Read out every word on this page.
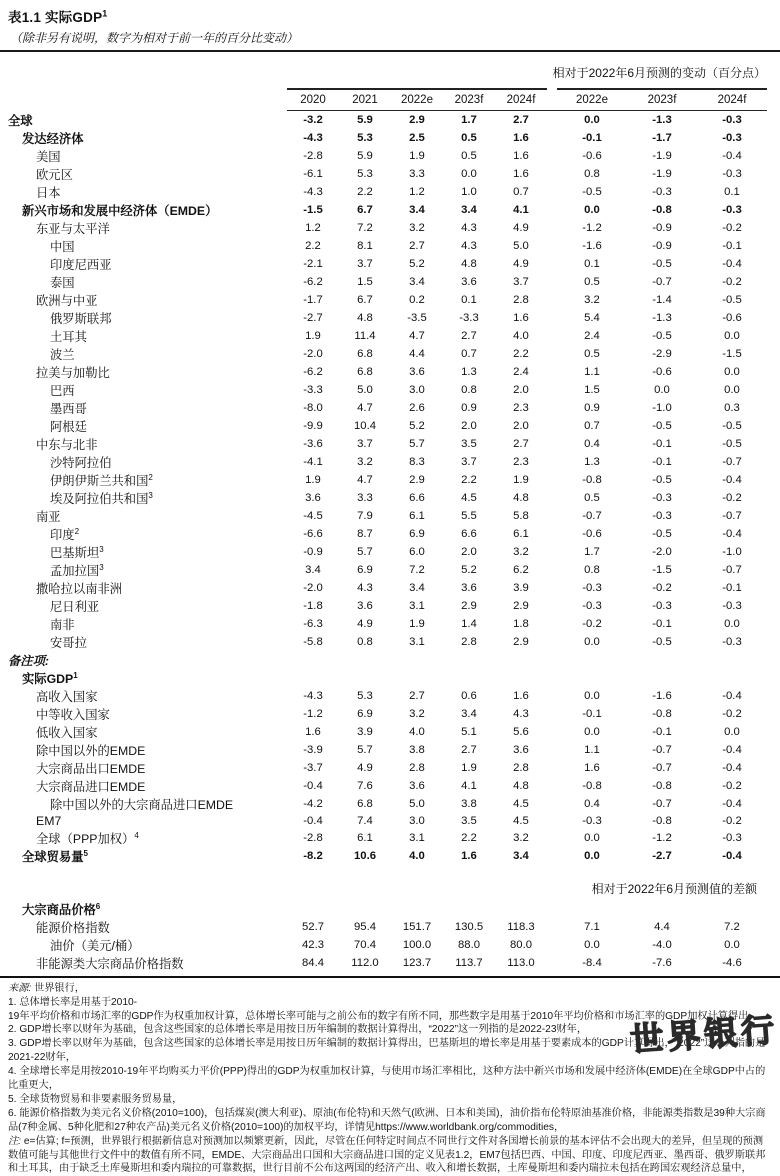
表1.1 实际GDP$^1$
（除非另有说明，数字为相对于前一年的百分比变动）
相对于2022年6月预测的变动（百分点）
	2020	2021	2022e	2023f	2024f		2022e	2023f	2024f
全球	-3.2	5.9	2.9	1.7	2.7		0.0	-1.3	-0.3
发达经济体	-4.3	5.3	2.5	0.5	1.6		-0.1	-1.7	-0.3
美国	-2.8	5.9	1.9	0.5	1.6		-0.6	-1.9	-0.4
欧元区	-6.1	5.3	3.3	0.0	1.6		0.8	-1.9	-0.3
日本	-4.3	2.2	1.2	1.0	0.7		-0.5	-0.3	0.1
新兴市场和发展中经济体（EMDE）	-1.5	6.7	3.4	3.4	4.1		0.0	-0.8	-0.3
东亚与太平洋	1.2	7.2	3.2	4.3	4.9		-1.2	-0.9	-0.2
中国	2.2	8.1	2.7	4.3	5.0		-1.6	-0.9	-0.1
印度尼西亚	-2.1	3.7	5.2	4.8	4.9		0.1	-0.5	-0.4
泰国	-6.2	1.5	3.4	3.6	3.7		0.5	-0.7	-0.2
欧洲与中亚	-1.7	6.7	0.2	0.1	2.8		3.2	-1.4	-0.5
俄罗斯联邦	-2.7	4.8	-3.5	-3.3	1.6		5.4	-1.3	-0.6
土耳其	1.9	11.4	4.7	2.7	4.0		2.4	-0.5	0.0
波兰	-2.0	6.8	4.4	0.7	2.2		0.5	-2.9	-1.5
拉美与加勒比	-6.2	6.8	3.6	1.3	2.4		1.1	-0.6	0.0
巴西	-3.3	5.0	3.0	0.8	2.0		1.5	0.0	0.0
墨西哥	-8.0	4.7	2.6	0.9	2.3		0.9	-1.0	0.3
阿根廷	-9.9	10.4	5.2	2.0	2.0		0.7	-0.5	-0.5
中东与北非	-3.6	3.7	5.7	3.5	2.7		0.4	-0.1	-0.5
沙特阿拉伯	-4.1	3.2	8.3	3.7	2.3		1.3	-0.1	-0.7
伊朗伊斯兰共和国$^2$	1.9	4.7	2.9	2.2	1.9		-0.8	-0.5	-0.4
埃及阿拉伯共和国$^3$	3.6	3.3	6.6	4.5	4.8		0.5	-0.3	-0.2
南亚	-4.5	7.9	6.1	5.5	5.8		-0.7	-0.3	-0.7
印度$^2$	-6.6	8.7	6.9	6.6	6.1		-0.6	-0.5	-0.4
巴基斯坦$^3$	-0.9	5.7	6.0	2.0	3.2		1.7	-2.0	-1.0
孟加拉国$^3$	3.4	6.9	7.2	5.2	6.2		0.8	-1.5	-0.7
撒哈拉以南非洲	-2.0	4.3	3.4	3.6	3.9		-0.3	-0.2	-0.1
尼日利亚	-1.8	3.6	3.1	2.9	2.9		-0.3	-0.3	-0.3
南非	-6.3	4.9	1.9	1.4	1.8		-0.2	-0.1	0.0
安哥拉	-5.8	0.8	3.1	2.8	2.9		0.0	-0.5	-0.3
备注项:									
实际GDP$^1$									
高收入国家	-4.3	5.3	2.7	0.6	1.6		0.0	-1.6	-0.4
中等收入国家	-1.2	6.9	3.2	3.4	4.3		-0.1	-0.8	-0.2
低收入国家	1.6	3.9	4.0	5.1	5.6		0.0	-0.1	0.0
除中国以外的EMDE	-3.9	5.7	3.8	2.7	3.6		1.1	-0.7	-0.4
大宗商品出口EMDE	-3.7	4.9	2.8	1.9	2.8		1.6	-0.7	-0.4
大宗商品进口EMDE	-0.4	7.6	3.6	4.1	4.8		-0.8	-0.8	-0.2
除中国以外的大宗商品进口EMDE	-4.2	6.8	5.0	3.8	4.5		0.4	-0.7	-0.4
EM7	-0.4	7.4	3.0	3.5	4.5		-0.3	-0.8	-0.2
全球（PPP加权）$^4$	-2.8	6.1	3.1	2.2	3.2		0.0	-1.2	-0.3
全球贸易量$^5$	-8.2	10.6	4.0	1.6	3.4		0.0	-2.7	-0.4

相对于2022年6月预测值的差额									
大宗商品价格$^6$									
能源价格指数	52.7	95.4	151.7	130.5	118.3		7.1	4.4	7.2
油价（美元/桶）	42.3	70.4	100.0	88.0	80.0		0.0	-4.0	0.0
非能源类大宗商品价格指数	84.4	112.0	123.7	113.7	113.0		-8.4	-7.6	-4.6
来源: 世界银行，
1. 总体增长率是用基于2010-
19年平均价格和市场汇率的GDP作为权重加权计算，总体增长率可能与之前公布的数字有所不同，那些数字是用基于2010年平均价格和市场汇率的GDP加权计算得出，
2. GDP增长率以财年为基础，包含这些国家的总体增长率是用按日历年编制的数据计算得出，“2022”这一列指的是2022-23财年，
3. GDP增长率以财年为基础，包含这些国家的总体增长率是用按日历年编制的数据计算得出，巴基斯坦的增长率是用基于要素成本的GDP计算得出，“2022”这一列指的是2021-22财年，
4. 全球增长率是用按2010-19年平均购买力平价(PPP)得出的GDP为权重加权计算，与使用市场汇率相比，这种方法中新兴市场和发展中经济体(EMDE)在全球GDP中占的比重更大，
5. 全球货物贸易和非要素服务贸易量，
6. 能源价格指数为美元名义价格(2010=100)，包括煤炭(澳大利亚)、原油(布伦特)和天然气(欧洲、日本和美国)，油价指布伦特原油基准价格，非能源类指数是39种大宗商品(7种金属、5种化肥和27种农产品)美元名义价格(2010=100)的加权平均，详情见https://www.worldbank.org/commodities，
注: e=估算; f=预测，世界银行根据新信息对预测加以频繁更新，因此，尽管在任何特定时间点不同世行文件对各国增长前景的基本评估不会出现大的差异，但呈现的预测数值可能与其他世行文件中的数值有所不同，EMDE、大宗商品出口国和大宗商品进口国的定义见表1.2，EM7包括巴西、中国、印度、印度尼西亚、墨西哥、俄罗斯联邦和土耳其，由于缺乏土库曼斯坦和委内瑞拉的可靠数据，世行目前不公布这两国的经济产出、收入和增长数据，土库曼斯坦和委内瑞拉未包括在跨国宏观经济总量中，
世界银行
